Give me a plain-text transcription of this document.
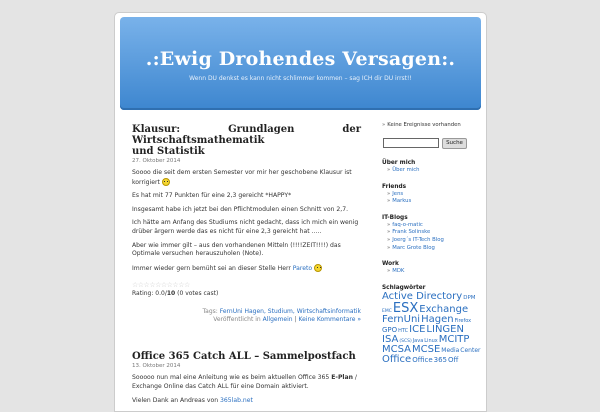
.:Ewig Drohendes Versagen:.
Wenn DU denkst es kann nicht schlimmer kommen – sag ICH dir DU irrst!!
Klausur: Grundlagen der Wirtschaftsmathematik
und Statistik
27. Oktober 2014

Soooo die seit dem ersten Semester vor mir her geschobene Klausur ist korrigiert

Es hat mit 77 Punkten für eine 2,3 gereicht *HAPPY*

Insgesamt habe ich jetzt bei den Pflichtmodulen einen Schnitt von 2,7.

Ich hätte am Anfang des Studiums nicht gedacht, dass ich mich ein wenig drüber ärgern werde das es nicht für eine 2,3 gereicht hat …..

Aber wie immer gilt – aus den vorhandenen Mitteln (!!!!ZEIT!!!!) das Optimale versuchen herauszuholen (Note).

Immer wieder gern bemüht sei an dieser Stelle Herr Pareto

☆☆☆☆☆☆☆☆☆☆
Rating: 0.0/10 (0 votes cast)
Tags: FernUni Hagen, Studium, Wirtschaftsinformatik
Veröffentlicht in Allgemein | Keine Kommentare »
Office 365 Catch ALL – Sammelpostfach
13. Oktober 2014

Sooooo nun mal eine Anleitung wie es beim aktuellen Office 365 E-Plan / Exchange Online das Catch ALL für eine Domain aktiviert.

Vielen Dank an Andreas von 365lab.net

» Keine Ereignisse vorhanden
Suche
Über mich
» Über mich
Friends
» Jens
» Markus
IT-Blogs
» faq-o-matic
» Frank Solinske
» Joerg´s IT-Tech Blog
» Marc Grote Blog
Work
» MDK
Schlagwörter
Active DirectoryDPMEMCESXExchangeFernUniHagenFirefoxGPOHTCICELINGENISA(SCS)JavaLinuxMCITPMCSAMCSEMediaCenterOfficeOffice365Off
